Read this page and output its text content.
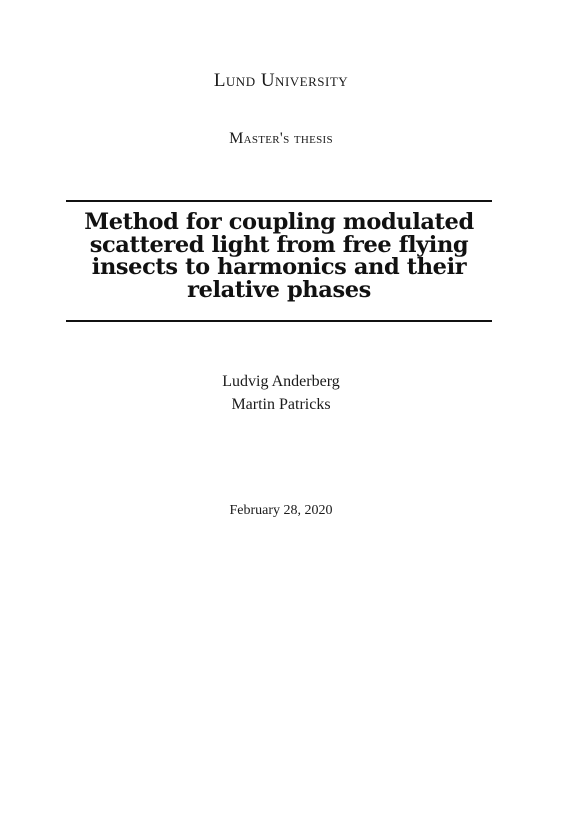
Lund University
Master's thesis
Method for coupling modulated
scattered light from free flying
insects to harmonics and their
relative phases
Ludvig Anderberg
Martin Patricks
February 28, 2020
